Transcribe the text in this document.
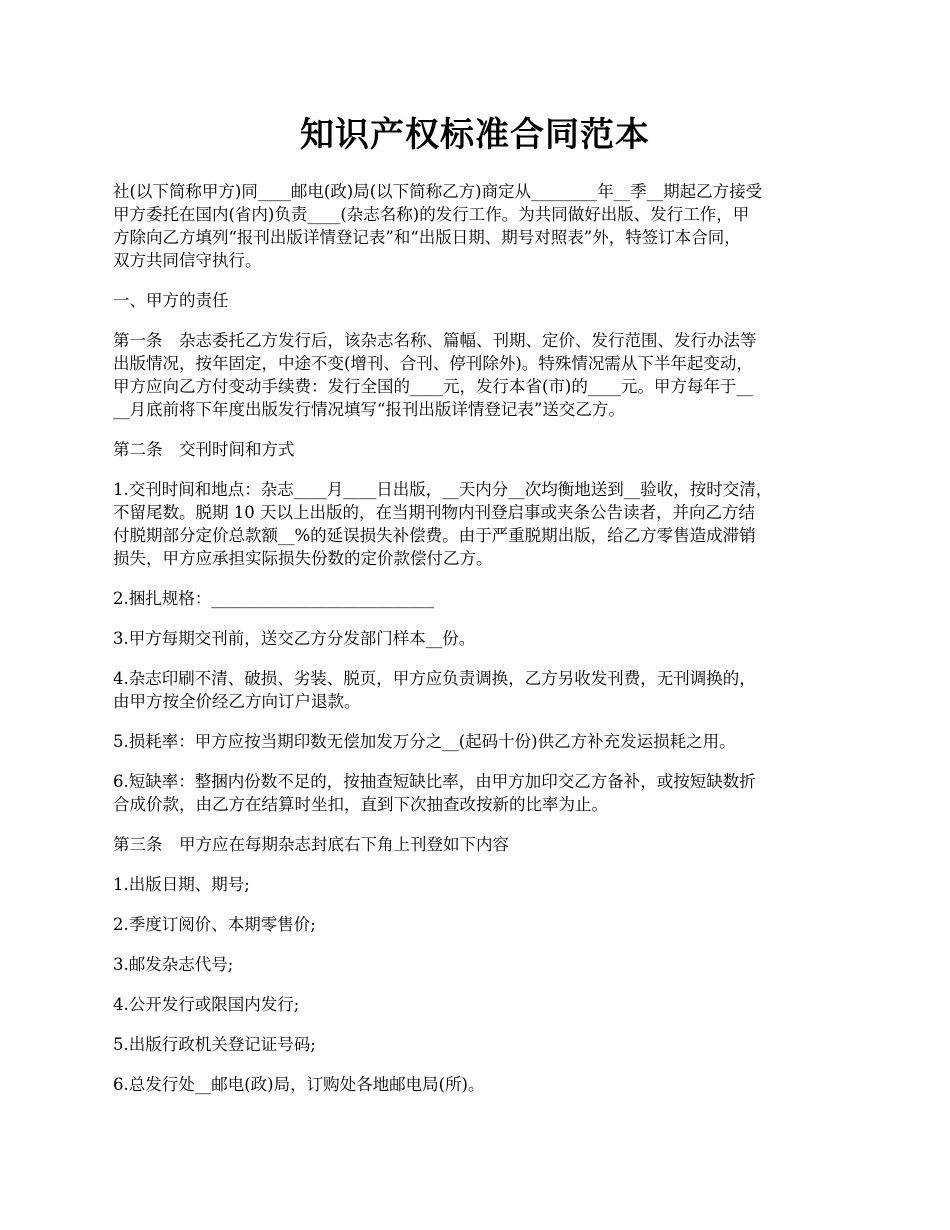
知识产权标准合同范本

社(以下简称甲方)同____邮电(政)局(以下简称乙方)商定从________年__季__期起乙方接受
甲方委托在国内(省内)负责____(杂志名称)的发行工作。为共同做好出版、发行工作，甲
方除向乙方填列“报刊出版详情登记表”和“出版日期、期号对照表”外，特签订本合同，
双方共同信守执行。

一、甲方的责任

第一条　杂志委托乙方发行后，该杂志名称、篇幅、刊期、定价、发行范围、发行办法等
出版情况，按年固定，中途不变(增刊、合刊、停刊除外)。特殊情况需从下半年起变动，
甲方应向乙方付变动手续费：发行全国的____元，发行本省(市)的____元。甲方每年于__
__月底前将下年度出版发行情况填写“报刊出版详情登记表”送交乙方。

第二条　交刊时间和方式

1.交刊时间和地点：杂志____月____日出版，__天内分__次均衡地送到__验收，按时交清，
不留尾数。脱期 10 天以上出版的，在当期刊物内刊登启事或夹条公告读者，并向乙方结
付脱期部分定价总款额__%的延误损失补偿费。由于严重脱期出版，给乙方零售造成滞销
损失，甲方应承担实际损失份数的定价款偿付乙方。

2.捆扎规格：___________________________

3.甲方每期交刊前，送交乙方分发部门样本__份。

4.杂志印刷不清、破损、劣装、脱页，甲方应负责调换，乙方另收发刊费，无刊调换的，
由甲方按全价经乙方向订户退款。

5.损耗率：甲方应按当期印数无偿加发万分之__(起码十份)供乙方补充发运损耗之用。

6.短缺率：整捆内份数不足的，按抽查短缺比率，由甲方加印交乙方备补，或按短缺数折
合成价款，由乙方在结算时坐扣，直到下次抽查改按新的比率为止。

第三条　甲方应在每期杂志封底右下角上刊登如下内容

1.出版日期、期号;

2.季度订阅价、本期零售价;

3.邮发杂志代号;

4.公开发行或限国内发行;

5.出版行政机关登记证号码;

6.总发行处__邮电(政)局，订购处各地邮电局(所)。
